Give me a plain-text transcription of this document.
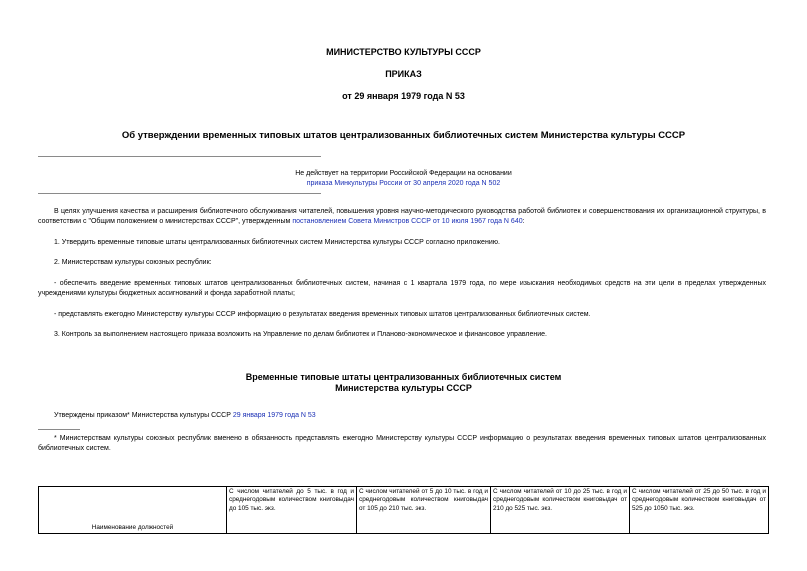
МИНИСТЕРСТВО КУЛЬТУРЫ СССР
ПРИКАЗ
от 29 января 1979 года N 53
Об утверждении временных типовых штатов централизованных библиотечных систем Министерства культуры СССР
Не действует на территории Российской Федерации на основании
приказа Минкультуры России от 30 апреля 2020 года N 502
В целях улучшения качества и расширения библиотечного обслуживания читателей, повышения уровня научно-методического руководства работой библиотек и совершенствования их организационной структуры, в соответствии с "Общим положением о министерствах СССР", утвержденным постановлением Совета Министров СССР от 10 июля 1967 года N 640:
1. Утвердить временные типовые штаты централизованных библиотечных систем Министерства культуры СССР согласно приложению.
2. Министерствам культуры союзных республик:
- обеспечить введение временных типовых штатов централизованных библиотечных систем, начиная с 1 квартала 1979 года, по мере изыскания необходимых средств на эти цели в пределах утвержденных учреждениями культуры бюджетных ассигнований и фонда заработной платы;
- представлять ежегодно Министерству культуры СССР информацию о результатах введения временных типовых штатов централизованных библиотечных систем.
3. Контроль за выполнением настоящего приказа возложить на Управление по делам библиотек и Планово-экономическое и финансовое управление.
Временные типовые штаты централизованных библиотечных систем
Министерства культуры СССР
Утверждены приказом* Министерства культуры СССР 29 января 1979 года N 53
* Министерствам культуры союзных республик вменено в обязанность представлять ежегодно Министерству культуры СССР информацию о результатах введения временных типовых штатов централизованных библиотечных систем.
Наименование должностей	С числом читателей до 5 тыс. в год и среднегодовым количеством книговыдач до 105 тыс. экз.	С числом читателей от 5 до 10 тыс. в год и среднегодовым количеством книговыдач от 105 до 210 тыс. экз.	С числом читателей от 10 до 25 тыс. в год и среднегодовым количеством книговыдач от 210 до 525 тыс. экз.	С числом читателей от 25 до 50 тыс. в год и среднегодовым количеством книговыдач от 525 до 1050 тыс. экз.
